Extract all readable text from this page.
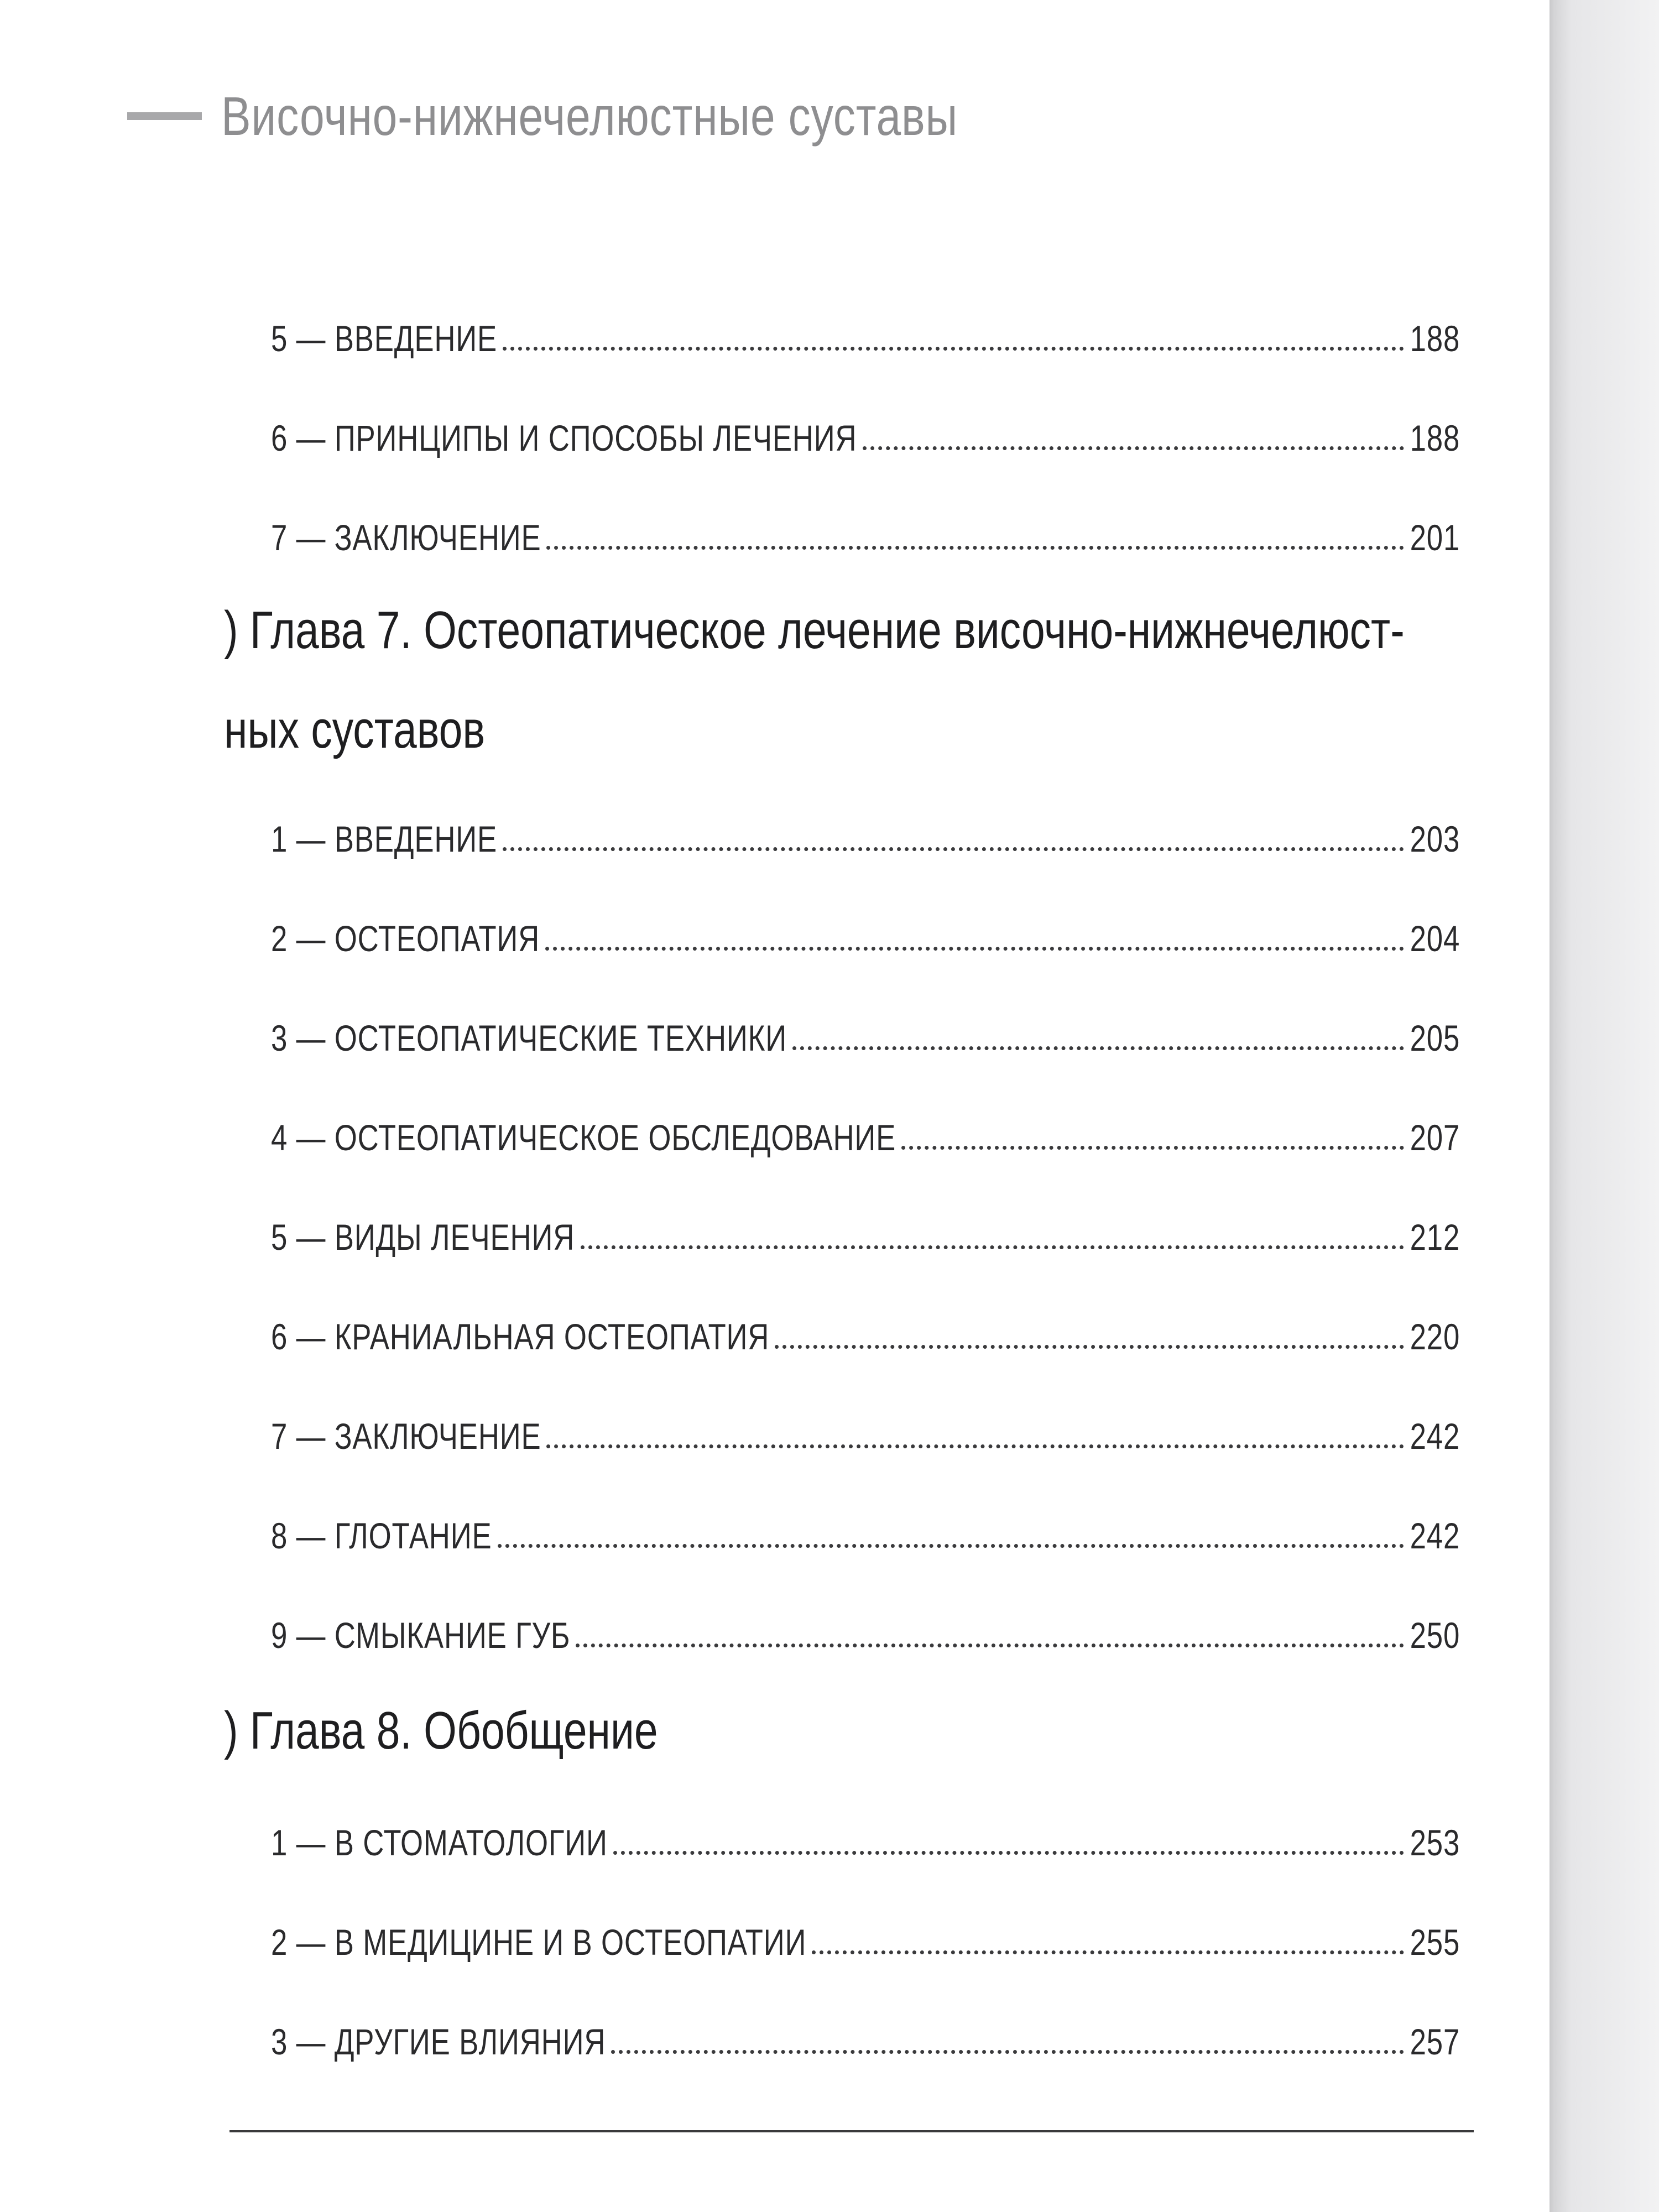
Височно-нижнечелюстные суставы
5 — ВВЕДЕНИЕ	188
6 — ПРИНЦИПЫ И СПОСОБЫ ЛЕЧЕНИЯ	188
7 — ЗАКЛЮЧЕНИЕ	201
) Глава 7. Остеопатическое лечение височно-нижнечелюст-
ных суставов
1 — ВВЕДЕНИЕ	203
2 — ОСТЕОПАТИЯ	204
3 — ОСТЕОПАТИЧЕСКИЕ ТЕХНИКИ	205
4 — ОСТЕОПАТИЧЕСКОЕ ОБСЛЕДОВАНИЕ	207
5 — ВИДЫ ЛЕЧЕНИЯ	212
6 — КРАНИАЛЬНАЯ ОСТЕОПАТИЯ	220
7 — ЗАКЛЮЧЕНИЕ	242
8 — ГЛОТАНИЕ	242
9 — СМЫКАНИЕ ГУБ	250
) Глава 8. Обобщение
1 — В СТОМАТОЛОГИИ	253
2 — В МЕДИЦИНЕ И В ОСТЕОПАТИИ	255
3 — ДРУГИЕ ВЛИЯНИЯ	257
